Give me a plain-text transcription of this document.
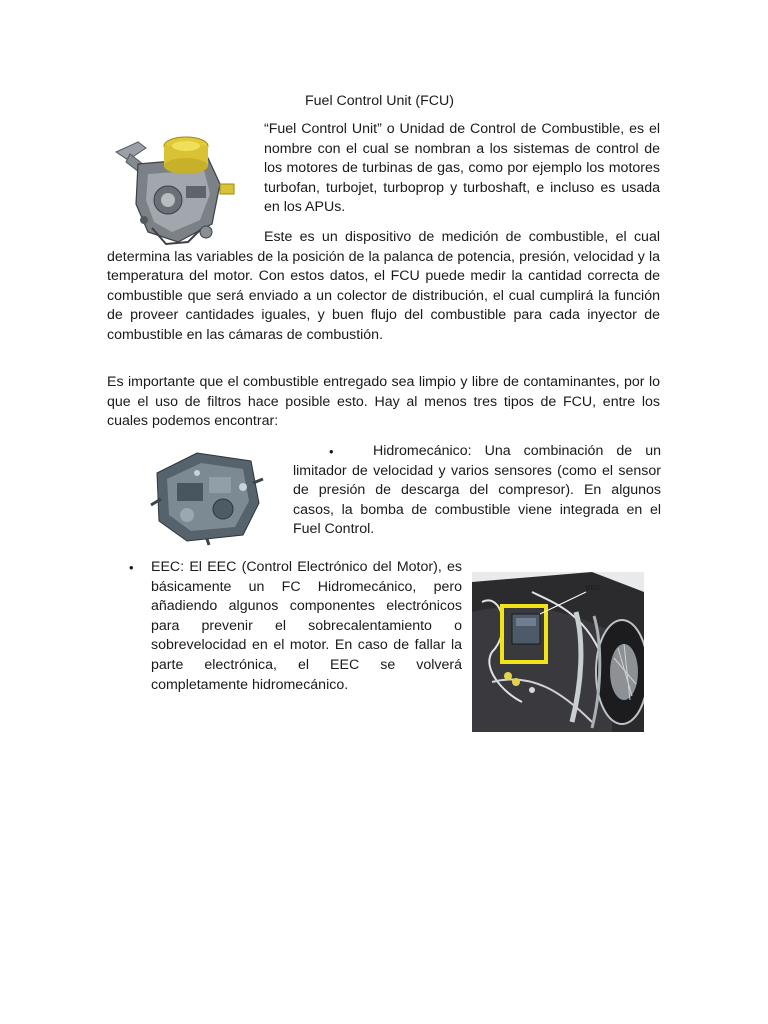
Fuel Control Unit (FCU)

“Fuel Control Unit” o Unidad de Control de Combustible, es el nombre con el cual se nombran a los sistemas de control de los motores de turbinas de gas, como por ejemplo los motores turbofan, turbojet, turboprop y turboshaft, e incluso es usada en los APUs.

Este es un dispositivo de medición de combustible, el cual determina las variables de la posición de la palanca de potencia, presión, velocidad y la temperatura del motor. Con estos datos, el FCU puede medir la cantidad correcta de combustible que será enviado a un colector de distribución, el cual cumplirá la función de proveer cantidades iguales, y buen flujo del combustible para cada inyector de combustible en las cámaras de combustión.

Es importante que el combustible entregado sea limpio y libre de contaminantes, por lo que el uso de filtros hace posible esto. Hay al menos tres tipos de FCU, entre los cuales podemos encontrar:

•	Hidromecánico: Una combinación de un limitador de velocidad y varios sensores (como el sensor de presión de descarga del compresor). En algunos casos, la bomba de combustible viene integrada en el Fuel Control.

• EEC: El EEC (Control Electrónico del Motor), es básicamente un FC Hidromecánico, pero añadiendo algunos componentes electrónicos para prevenir el sobrecalentamiento o sobrevelocidad en el motor. En caso de fallar la parte electrónica, el EEC se volverá completamente hidromecánico.

EEC
